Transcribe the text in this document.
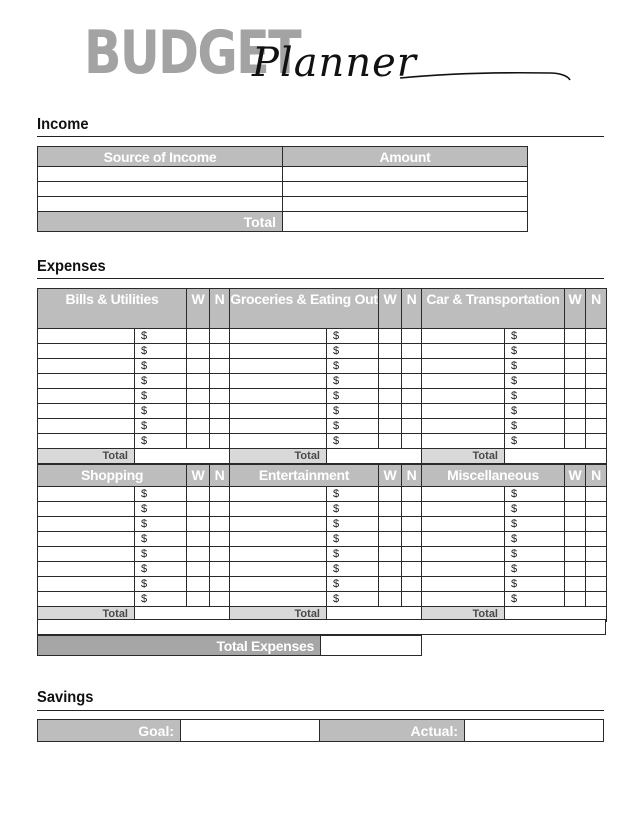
BUDGET
Planner
Income
Source of Income	Amount

Total	
Expenses
Bills & Utilities		W	N
	$		
	$		
	$		
	$		
	$		
	$		
	$		
	$		
Total			
Groceries & Eating Out		W	N
	$		
	$		
	$		
	$		
	$		
	$		
	$		
	$		
Total			
Car & Transportation		W	N
	$		
	$		
	$		
	$		
	$		
	$		
	$		
	$		
Total			
Shopping		W	N
	$		
	$		
	$		
	$		
	$		
	$		
	$		
	$		
Total			
Entertainment		W	N
	$		
	$		
	$		
	$		
	$		
	$		
	$		
	$		
Total			
Miscellaneous		W	N
	$		
	$		
	$		
	$		
	$		
	$		
	$		
	$		
Total			
Total Expenses	
Savings
Goal:		Actual:	
